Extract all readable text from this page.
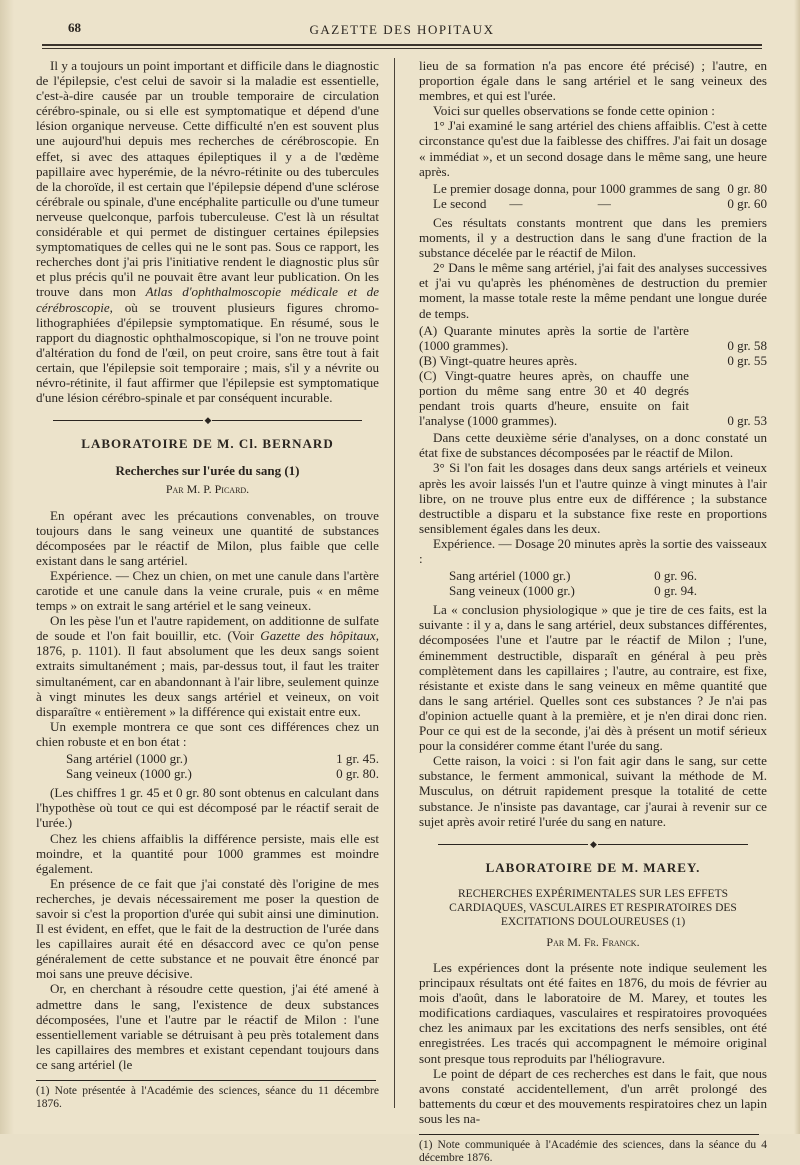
68	GAZETTE DES HOPITAUX

Il y a toujours un point important et difficile dans le diagnostic de l'épilepsie, c'est celui de savoir si la maladie est essentielle, c'est-à-dire causée par un trouble temporaire de circulation cérébro-spinale, ou si elle est symptomatique et dépend d'une lésion organique nerveuse. Cette difficulté n'en est souvent plus une aujourd'hui depuis mes recherches de cérébroscopie. En effet, si avec des attaques épileptiques il y a de l'œdème papillaire avec hyperémie, de la névro-rétinite ou des tubercules de la choroïde, il est certain que l'épilepsie dépend d'une sclérose cérébrale ou spinale, d'une encéphalite particulle ou d'une tumeur nerveuse quelconque, parfois tuberculeuse. C'est là un résultat considérable et qui permet de distinguer certaines épilepsies symptomatiques de celles qui ne le sont pas. Sous ce rapport, les recherches dont j'ai pris l'initiative rendent le diagnostic plus sûr et plus précis qu'il ne pouvait être avant leur publication. On les trouve dans mon Atlas d'ophthalmoscopie médicale et de cérébroscopie, où se trouvent plusieurs figures chromo-lithographiées d'épilepsie symptomatique. En résumé, sous le rapport du diagnostic ophthalmoscopique, si l'on ne trouve point d'altération du fond de l'œil, on peut croire, sans être tout à fait certain, que l'épilepsie soit temporaire ; mais, s'il y a névrite ou névro-rétinite, il faut affirmer que l'épilepsie est symptomatique d'une lésion cérébro-spinale et par conséquent incurable.

◆
LABORATOIRE DE M. Cl. BERNARD
Recherches sur l'urée du sang (1)
Par M. P. Picard.

En opérant avec les précautions convenables, on trouve toujours dans le sang veineux une quantité de substances décomposées par le réactif de Milon, plus faible que celle existant dans le sang artériel.

Expérience. — Chez un chien, on met une canule dans l'artère carotide et une canule dans la veine crurale, puis « en même temps » on extrait le sang artériel et le sang veineux.

On les pèse l'un et l'autre rapidement, on additionne de sulfate de soude et l'on fait bouillir, etc. (Voir Gazette des hôpitaux, 1876, p. 1101). Il faut absolument que les deux sangs soient extraits simultanément ; mais, par-dessus tout, il faut les traiter simultanément, car en abandonnant à l'air libre, seulement quinze à vingt minutes les deux sangs artériel et veineux, on voit disparaître « entièrement » la différence qui existait entre eux.

Un exemple montrera ce que sont ces différences chez un chien robuste et en bon état :

Sang artériel (1000 gr.)	1 gr. 45.
Sang veineux (1000 gr.)	0 gr. 80.

(Les chiffres 1 gr. 45 et 0 gr. 80 sont obtenus en calculant dans l'hypothèse où tout ce qui est décomposé par le réactif serait de l'urée.)

Chez les chiens affaiblis la différence persiste, mais elle est moindre, et la quantité pour 1000 grammes est moindre également.

En présence de ce fait que j'ai constaté dès l'origine de mes recherches, je devais nécessairement me poser la question de savoir si c'est la proportion d'urée qui subit ainsi une diminution. Il est évident, en effet, que le fait de la destruction de l'urée dans les capillaires aurait été en désaccord avec ce qu'on pense généralement de cette substance et ne pouvait être énoncé par moi sans une preuve décisive.

Or, en cherchant à résoudre cette question, j'ai été amené à admettre dans le sang, l'existence de deux substances décomposées, l'une et l'autre par le réactif de Milon : l'une essentiellement variable se détruisant à peu près totalement dans les capillaires des membres et existant cependant toujours dans ce sang artériel (le

(1) Note présentée à l'Académie des sciences, séance du 11 décembre 1876.

lieu de sa formation n'a pas encore été précisé) ; l'autre, en proportion égale dans le sang artériel et le sang veineux des membres, et qui est l'urée.

Voici sur quelles observations se fonde cette opinion :

1° J'ai examiné le sang artériel des chiens affaiblis. C'est à cette circonstance qu'est due la faiblesse des chiffres. J'ai fait un dosage « immédiat », et un second dosage dans le même sang, une heure après.

Le premier dosage donna, pour 1000 grammes de sang 0 gr. 80
Le second       —                       —	0 gr. 60

Ces résultats constants montrent que dans les premiers moments, il y a destruction dans le sang d'une fraction de la substance décelée par le réactif de Milon.

2° Dans le même sang artériel, j'ai fait des analyses successives et j'ai vu qu'après les phénomènes de destruction du premier moment, la masse totale reste la même pendant une longue durée de temps.

(A) Quarante minutes après la sortie de l'artère (1000 grammes).	0 gr. 58
(B) Vingt-quatre heures après.	0 gr. 55
(C) Vingt-quatre heures après, on chauffe une portion du même sang entre 30 et 40 degrés pendant trois quarts d'heure, ensuite on fait l'analyse (1000 grammes).	0 gr. 53

Dans cette deuxième série d'analyses, on a donc constaté un état fixe de substances décomposées par le réactif de Milon.

3° Si l'on fait les dosages dans deux sangs artériels et veineux après les avoir laissés l'un et l'autre quinze à vingt minutes à l'air libre, on ne trouve plus entre eux de différence ; la substance destructible a disparu et la substance fixe reste en proportions sensiblement égales dans les deux.

Expérience. — Dosage 20 minutes après la sortie des vaisseaux :

Sang artériel (1000 gr.)	0 gr. 96.
Sang veineux (1000 gr.)	0 gr. 94.

La « conclusion physiologique » que je tire de ces faits, est la suivante : il y a, dans le sang artériel, deux substances différentes, décomposées l'une et l'autre par le réactif de Milon ; l'une, éminemment destructible, disparaît en général à peu près complètement dans les capillaires ; l'autre, au contraire, est fixe, résistante et existe dans le sang veineux en même quantité que dans le sang artériel. Quelles sont ces substances ? Je n'ai pas d'opinion actuelle quant à la première, et je n'en dirai donc rien. Pour ce qui est de la seconde, j'ai dès à présent un motif sérieux pour la considérer comme étant l'urée du sang.

Cette raison, la voici : si l'on fait agir dans le sang, sur cette substance, le ferment ammonical, suivant la méthode de M. Musculus, on détruit rapidement presque la totalité de cette substance. Je n'insiste pas davantage, car j'aurai à revenir sur ce sujet après avoir retiré l'urée du sang en nature.

◆
LABORATOIRE DE M. MAREY.
RECHERCHES EXPÉRIMENTALES SUR LES EFFETS CARDIAQUES, VASCULAIRES ET RESPIRATOIRES DES EXCITATIONS DOULOUREUSES (1)
Par M. Fr. Franck.

Les expériences dont la présente note indique seulement les principaux résultats ont été faites en 1876, du mois de février au mois d'août, dans le laboratoire de M. Marey, et toutes les modifications cardiaques, vasculaires et respiratoires provoquées chez les animaux par les excitations des nerfs sensibles, ont été enregistrées. Les tracés qui accompagnent le mémoire original sont presque tous reproduits par l'héliogravure.

Le point de départ de ces recherches est dans le fait, que nous avons constaté accidentellement, d'un arrêt prolongé des battements du cœur et des mouvements respiratoires chez un lapin sous les na-

(1) Note communiquée à l'Académie des sciences, dans la séance du 4 décembre 1876.
